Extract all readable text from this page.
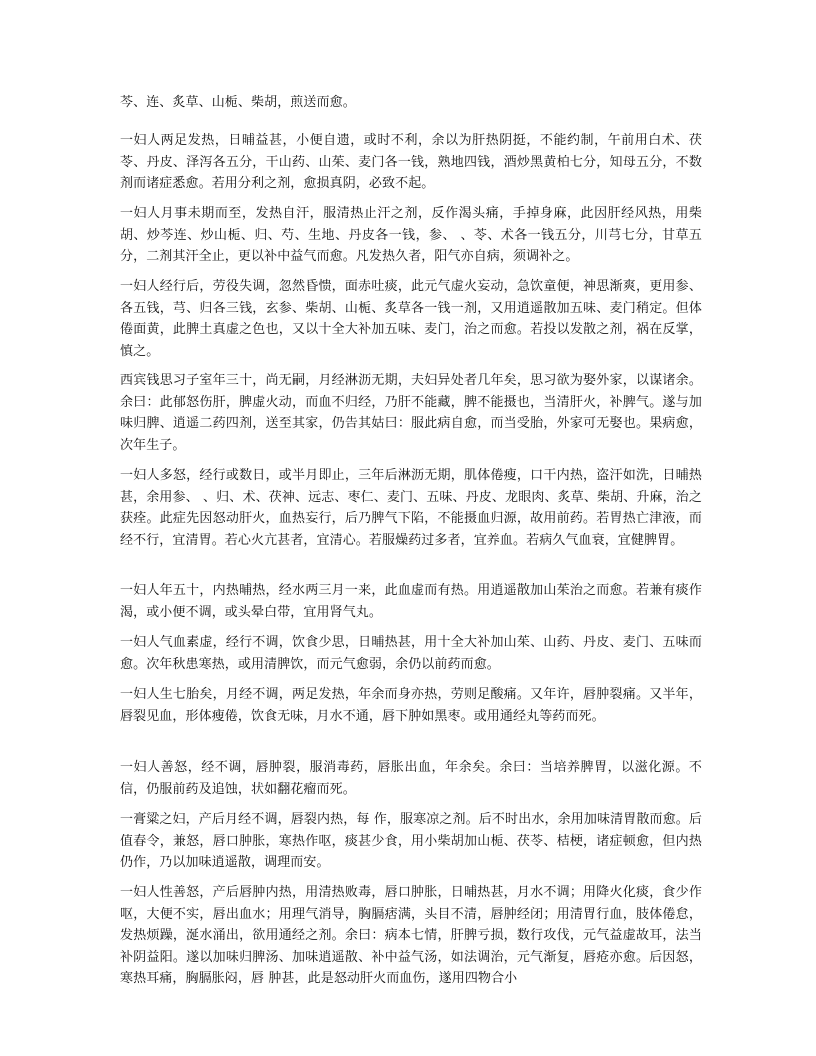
芩、连、炙草、山栀、柴胡，煎送而愈。

一妇人两足发热，日晡益甚，小便自遗，或时不利，余以为肝热阴挺，不能约制，午前用白术、茯苓、丹皮、泽泻各五分，干山药、山茱、麦门各一钱，熟地四钱，酒炒黑黄柏七分，知母五分，不数剂而诸症悉愈。若用分利之剂，愈损真阴，必致不起。

一妇人月事未期而至，发热自汗，服清热止汗之剂，反作渴头痛，手掉身麻，此因肝经风热，用柴胡、炒芩连、炒山栀、归、芍、生地、丹皮各一钱，参、 、苓、术各一钱五分，川芎七分，甘草五分，二剂其汗全止，更以补中益气而愈。凡发热久者，阳气亦自病，须调补之。

一妇人经行后，劳役失调，忽然昏愦，面赤吐痰，此元气虚火妄动，急饮童便，神思渐爽，更用参、 各五钱，芎、归各三钱，玄参、柴胡、山栀、炙草各一钱一剂，又用逍遥散加五味、麦门稍定。但体倦面黄，此脾土真虚之色也，又以十全大补加五味、麦门，治之而愈。若投以发散之剂，祸在反掌，慎之。

西宾钱思习子室年三十，尚无嗣，月经淋沥无期，夫妇异处者几年矣，思习欲为娶外家，以谋诸余。余曰：此郁怒伤肝，脾虚火动，而血不归经，乃肝不能藏，脾不能摄也，当清肝火，补脾气。遂与加味归脾、逍遥二药四剂，送至其家，仍告其姑曰：服此病自愈，而当受胎，外家可无娶也。果病愈，次年生子。

一妇人多怒，经行或数日，或半月即止，三年后淋沥无期，肌体倦瘦，口干内热，盗汗如洗，日晡热甚，余用参、 、归、术、茯神、远志、枣仁、麦门、五味、丹皮、龙眼肉、炙草、柴胡、升麻，治之获痊。此症先因怒动肝火，血热妄行，后乃脾气下陷，不能摄血归源，故用前药。若胃热亡津液，而经不行，宜清胃。若心火亢甚者，宜清心。若服燥药过多者，宜养血。若病久气血衰，宜健脾胃。

一妇人年五十，内热晡热，经水两三月一来，此血虚而有热。用逍遥散加山茱治之而愈。若兼有痰作渴，或小便不调，或头晕白带，宜用肾气丸。

一妇人气血素虚，经行不调，饮食少思，日晡热甚，用十全大补加山茱、山药、丹皮、麦门、五味而愈。次年秋患寒热，或用清脾饮，而元气愈弱，余仍以前药而愈。

一妇人生七胎矣，月经不调，两足发热，年余而身亦热，劳则足酸痛。又年许，唇肿裂痛。又半年，唇裂见血，形体瘦倦，饮食无味，月水不通，唇下肿如黑枣。或用通经丸等药而死。

一妇人善怒，经不调，唇肿裂，服消毒药，唇胀出血，年余矣。余曰：当培养脾胃，以滋化源。不信，仍服前药及追蚀，状如翻花瘤而死。

一膏粱之妇，产后月经不调，唇裂内热，每 作，服寒凉之剂。后不时出水，余用加味清胃散而愈。后值春令，兼怒，唇口肿胀，寒热作呕，痰甚少食，用小柴胡加山栀、茯苓、桔梗，诸症顿愈，但内热仍作，乃以加味逍遥散，调理而安。

一妇人性善怒，产后唇肿内热，用清热败毒，唇口肿胀，日晡热甚，月水不调；用降火化痰，食少作呕，大便不实，唇出血水；用理气消导，胸膈痞满，头目不清，唇肿经闭；用清胃行血，肢体倦怠，发热烦躁，涎水涌出，欲用通经之剂。余曰：病本七情，肝脾亏损，数行攻伐，元气益虚故耳，法当补阴益阳。遂以加味归脾汤、加味逍遥散、补中益气汤，如法调治，元气渐复，唇疮亦愈。后因怒，寒热耳痛，胸膈胀闷，唇 肿甚，此是怒动肝火而血伤，遂用四物合小
